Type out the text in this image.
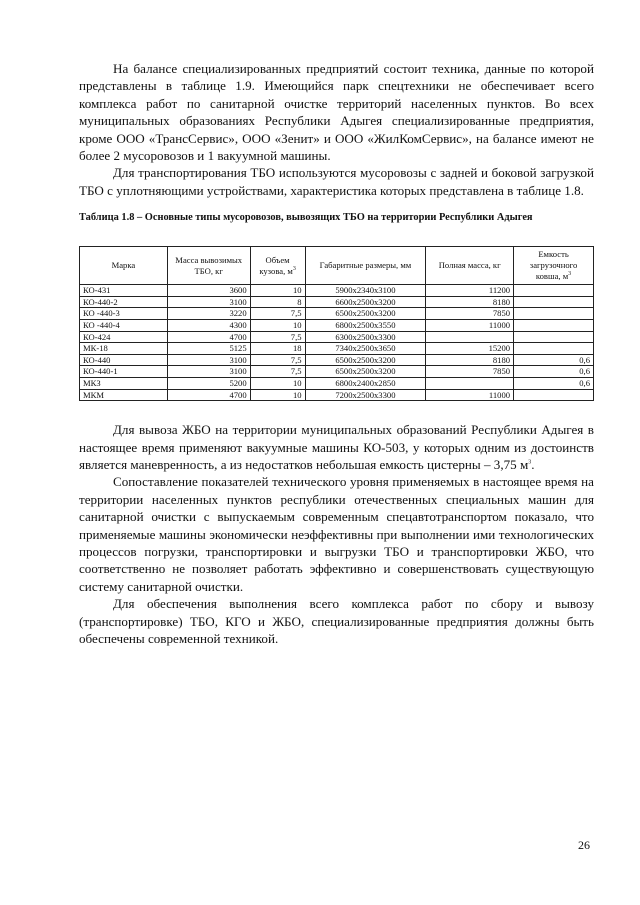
На балансе специализированных предприятий состоит техника, данные по которой представлены в таблице 1.9. Имеющийся парк спецтехники не обеспечивает всего комплекса работ по санитарной очистке территорий населенных пунктов. Во всех муниципальных образованиях Республики Адыгея специализированные предприятия, кроме ООО «ТрансСервис», ООО «Зенит» и ООО «ЖилКомСервис», на балансе имеют не более 2 мусоровозов и 1 вакуумной машины.

Для транспортирования ТБО используются мусоровозы с задней и боковой загрузкой ТБО с уплотняющими устройствами, характеристика которых представлена в таблице 1.8.

Таблица 1.8 – Основные типы мусоровозов, вывозящих ТБО на территории Республики Адыгея

Марка	Масса вывозимых ТБО, кг	Объем кузова, $м^3$	Габаритные размеры, мм	Полная масса, кг	Емкость загрузочного ковша, $м^3$
КО-431	3600	10	5900х2340х3100	11200	
КО-440-2	3100	8	6600х2500х3200	8180	
КО -440-3	3220	7,5	6500х2500х3200	7850	
КО -440-4	4300	10	6800х2500х3550	11000	
КО-424	4700	7,5	6300х2500х3300		
МК-18	5125	18	7340х2500х3650	15200	
КО-440	3100	7,5	6500х2500х3200	8180	0,6
КО-440-1	3100	7,5	6500х2500х3200	7850	0,6
МКЗ	5200	10	6800х2400х2850		0,6
МКМ	4700	10	7200х2500х3300	11000	

Для вывоза ЖБО на территории муниципальных образований Республики Адыгея в настоящее время применяют вакуумные машины КО-503, у которых одним из достоинств является маневренность, а из недостатков небольшая емкость цистерны – 3,75 $м^3$.

Сопоставление показателей технического уровня применяемых в настоящее время на территории населенных пунктов республики отечественных специальных машин для санитарной очистки с выпускаемым современным спецавтотранспортом показало, что применяемые машины экономически неэффективны при выполнении ими технологических процессов погрузки, транспортировки и выгрузки ТБО и транспортировки ЖБО, что соответственно не позволяет работать эффективно и совершенствовать существующую систему санитарной очистки.

Для обеспечения выполнения всего комплекса работ по сбору и вывозу (транспортировке) ТБО, КГО и ЖБО, специализированные предприятия должны быть обеспечены современной техникой.

26
